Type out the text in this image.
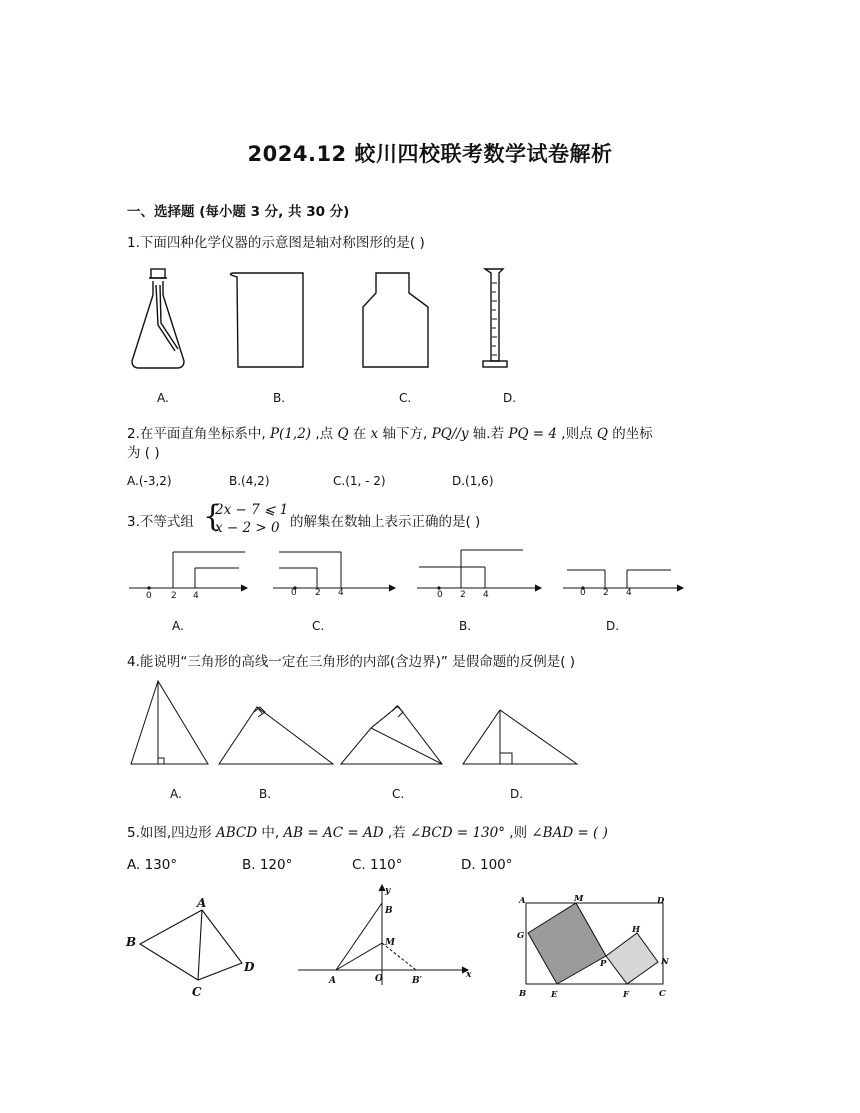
2024.12 蛟川四校联考数学试卷解析
一、选择题 (每小题 3 分, 共 30 分)
1.下面四种化学仪器的示意图是轴对称图形的是( )
A.	B.	C.	D.
2.在平面直角坐标系中, P(1,2) ,点 Q 在 x 轴下方, PQ//y 轴.若 PQ = 4 ,则点 Q 的坐标
为 ( )
A.(-3,2)	B.(4,2)	C.(1, - 2)	D.(1,6)
3.不等式组 {
2x − 7 ⩽ 1
x − 2 > 0 的解集在数轴上表示正确的是( )
0 2 4	0 2 4	0 2 4	0 2 4
A.	C.	B.	D.
4.能说明“三角形的高线一定在三角形的内部(含边界)” 是假命题的反例是( )
A.	B.	C.	D.
5.如图,四边形 ABCD 中, AB = AC = AD ,若 ∠BCD = 130° ,则 ∠BAD = ( )
A. 130°	B. 120°	C. 110°	D. 100°
A
B
C
D
y
B
M
A	O	B′
x
A	M	D
G
H
P	N
B	E	F	C
